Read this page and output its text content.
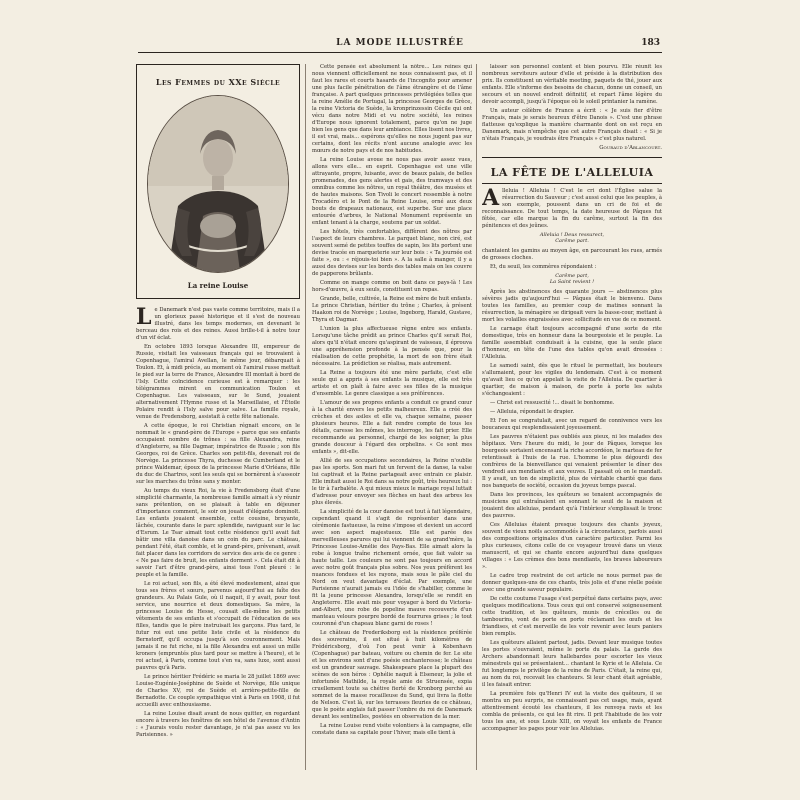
LA MODE ILLUSTRÉE	183
Les Femmes du XXe Siècle
La reine Louise

Le Danemark n'est pas vaste comme territoire, mais il a un glorieux passé historique et il s'est de nouveau illustré, dans les temps modernes, en devenant le berceau des rois et des reines. Aussi brille-t-il à notre tour d'un vif éclat.

En octobre 1893 lorsque Alexandre III, empereur de Russie, visitait les vaisseaux français qui se trouvaient à Copenhague, l'amiral Avellan, le même jour, débarquait à Toulon. Et, à midi précis, au moment où l'amiral russe mettait le pied sur la terre de France, Alexandre III montait à bord de l'Isly. Cette coïncidence curieuse est à remarquer : les télégrammes mirent en communication Toulon et Copenhague. Les vaisseaux, sur le Sund, jouaient alternativement l'Hymne russe et la Marseillaise, et l'Étoile Polaire rendit à l'Isly salve pour salve. La famille royale, venue de Fredensborg, assistait à cette fête nationale.

A cette époque, le roi Christian régnait encore, on le nommait le « grand-père de l'Europe » parce que ses enfants occupaient nombre de trônes : sa fille Alexandra, reine d'Angleterre, sa fille Dagmar, impératrice de Russie ; son fils Georges, roi de Grèce. Charles son petit-fils, devenait roi de Norvège. La princesse Thyra, duchesse de Cumberland et le prince Waldemar, époux de la princesse Marie d'Orléans, fille du duc de Chartres, sont les seuls qui se bornèrent à s'asseoir sur les marches du trône sans y monter.

Au temps du vieux Roi, la vie à Fredensborg était d'une simplicité charmante, la nombreuse famille aimait à s'y réunir sans prétention, on se plaisait à table en déjeuner d'importance comment, le soir on jouait d'élégants dominolt. Les enfants jouaient ensemble, cette cousine, bruyante, lâchée, courante dans le parc splendide, naviguant sur le lac d'Esrum. Le Tsar aimait tout cette résidence qu'il avait fait bâtir une villa danoise dans un coin du parc. Le château, pendant l'été, était comble, et le grand-père, prévenant, avait fait placer dans les corridors de service des avis de ce genre : « Ne pas faire de bruit, les enfants dorment ». Cela était dit à savoir l'art d'être grand-père, ainsi tous l'ont pleuré : le peuple et la famille.

Le roi actuel, son fils, a été élevé modestement, ainsi que tous ses frères et sœurs, parvenus aujourd'hui au faîte des grandeurs. Au Palais Gule, où il naquit, il y avait, pour tout service, une nourrice et deux domestiques. Sa mère, la princesse Louise de Hesse, cousait elle-même les petits vêtements de ses enfants et s'occupait de l'éducation de ses filles, tandis que le père instruisait les garçons. Plus tard, le futur roi eut une petite liste civile et la résidence du Bernstorff, qu'il occupa jusqu'à son couronnement. Mais jamais il ne fut riche, ni la fille Alexandra eut aussi un mille kroners (empruntés plus tard pour se mettre à l'heure), et le roi actuel, à Paris, comme tout s'en va, sans luxe, sont aussi pauvres qu'à Paris.

Le prince héritier Frédéric se maria le 28 juillet 1869 avec Louise-Eugénie-Joséphine de Suède et Norvège, fille unique de Charles XV, roi de Suède et arrière-petite-fille de Bernadotte. Ce couple sympathique vint à Paris en 1908, il fut accueilli avec enthousiasme.

La reine Louise disait avant de nous quitter, en regardant encore à travers les fenêtres de son hôtel de l'avenue d'Antin : « J'aurais voulu rester davantage, je n'ai pas assez vu les Parisiennes. »

Cette pensée est absolument la nôtre... Les reines qui nous viennent officiellement ne nous connaissent pas, et il faut les rares et courts hasards de l'incognito pour amener une plus facile pénétration de l'âme étrangère et de l'âme française. A part quelques princesses privilégiées telles que la reine Amélie de Portugal, la princesse Georges de Grèce, la reine Victoria de Suède, la kronprinzessin Cécile qui ont vécu dans notre Midi et vu notre société, les reines d'Europe nous ignorent totalement, parce qu'on ne juge bien les gens que dans leur ambiance. Elles lisent nos livres, il est vrai, mais... espérons qu'elles ne nous jugent pas sur certains, dont les récits n'ont aucune analogie avec les mœurs de notre pays et de nos habitudes.

La reine Louise avoue ne nous pas avoir assez vues, allons vers elle... en esprit. Copenhague est une ville attrayante, propre, luisante, avec de beaux palais, de belles promenades, des gens alertes et gais, des tramways et des omnibus comme les nôtres, un royal théâtre, des musées et de hautes maisons. Son Tivoli le concert ressemble à notre Trocadéro et le Pont de la Reine Louise, orné aux deux bouts de drapeaux nationaux, est superbe. Sur une place entourée d'arbres, le National Monument représente un enfant tenant à la charge, soutenu par un soldat.

Les hôtels, très confortables, diffèrent des nôtres par l'aspect de leurs chambres. Le parquet blanc, non ciré, est souvent semé de petites touffes de sapin, les lits portent une devise tracée en marqueterie sur leur bois : « Ta journée est faite », ou : « réjouis-toi bien ». A la salle à manger, il y a aussi des devises sur les bords des tables mais on les couvre de papperons brûlants.

Comme on mange comme on boit dans ce pays-là ! Les hors-d'œuvre, à eux seuls, constituent un repas.

Grande, belle, cultivée, la Reine est mère de huit enfants. Le prince Christian, héritier du trône ; Charles, à présent Haakon roi de Norvège ; Louise, Ingeborg, Harald, Gustave, Thyra et Dagmar.

L'union la plus affectueuse règne entre ses enfants. Lorsqu'une tâche prédit au prince Charles qu'il serait Roi, alors qu'il n'était encore qu'aspirant de vaisseau, il éprouva une appréhension profonde à la pensée que, pour la réalisation de cette prophétie, la mort de son frère était nécessaire. La prédiction se réalisa, mais autrement.

La Reine a toujours été une mère parfaite, c'est elle seule qui a appris à ses enfants la musique, elle est très artiste et on plaît à faire avec ses filles de la musique d'ensemble. Le genre classique a ses préférences.

L'amour de ses propres enfants a conduit ce grand cœur à la charité envers les petits malheureux. Elle a créé des crèches et des asiles et elle va, chaque semaine, passer plusieurs heures. Elle a fait rendre compte de tous les détails, caresse les mômes, les interroge, les fait prier. Elle recommande au personnel, chargé de les soigner, la plus grande douceur à l'égard des orphelins. « Ce sont mes enfants », dit-elle.

Allié de ses occupations secondaires, la Reine n'oublie pas les sports. Son mari fut un fervent de la danse, la valse lui captivait et la Reine partageait avec entrain ce plaisir. Elle imitait aussi le Roi dans sa notre goût, très heureux lui : le tir à l'arbalète. A qui mieux mieux le mariage royal luttait d'adresse pour envoyer ses flèches en haut des arbres les plus élevés.

La simplicité de la cour danoise est tout à fait légendaire, cependant quand il s'agit de représenter dans une cérémonie fastueuse, la reine s'impose et devient un accord avec son aspect majestueux. Elle est parée des merveilleuses parures qui lui viennent de sa grand'mère, la Princesse Louise-Amélie des Pays-Bas. Elle aimait alors la robe à longue traîne richement ornée, que fait valoir sa haute taille. Les couleurs ne sont pas toujours en accord avec notre goût français plus sobre. Nos yeux préfèrent les nuances fondues et les rayons, mais sous le pâle ciel du Nord on veut davantage d'éclat. Par exemple, une Parisienne n'aurait jamais eu l'idée de s'habiller, comme le fit la jeune princesse Alexandra, lorsqu'elle se rendit en Angleterre. Elle avait mis pour voyager à bord du Victoria-and-Albert, une robe de popeline mauve recouverte d'un manteau velours pourpre bordé de fourrures grises ; le tout couronné d'un chapeau blanc garni de roses !

Le château de Frederiksborg est la résidence préférée des souverains, il est situé à huit kilomètres de Frédéricsborg, d'où l'on peut venir à Kobenhavn (Copenhague) par bateau, voiture ou chemin de fer. Le site et les environs sont d'une poésie enchanteresse; le château est un grandeur sauvage. Shakespeare place la plupart des scènes de son héros : Ophélie naquit à Elseneur, la jolie et infortunée Mathilde, la royale amie de Struensée, expia cruellement toute sa chétive fierté de Kronborg perché au sommet de la masse rocailleuse du Sund, qui livra la flotte de Nelson. C'est là, sur les terrasses fleuries de ce château, que le poète anglais fait passer l'ombre du roi de Danemark devant les sentinelles, postées en observation de la mer.

La reine Louise rend visite volontiers à la campagne, elle constate dans sa capitale pour l'hiver, mais elle tient à

laisser son personnel content et bien pourvu. Elle réunit les nombreux serviteurs autour d'elle et préside à la distribution des prix. Ils constituent un véritable meeting, paquets de thé, jouer aux enfants. Elle s'informe des besoins de chacun, donne un conseil, un secours et un nouvel endroit définitif, et repart l'âme légère du devoir accompli, jusqu'à l'époque où le soleil printanier la ramène.

Un auteur célèbre de France a écrit : « Je suis fier d'être Français, mais je serais heureux d'être Danois ». C'est une phrase flatteuse qu'explique la manière charmante dont on est reçu en Danemark, mais n'empêche que cet autre Français disait : « Si je n'étais Français, je voudrais être Français » c'est plus naturel.

Gouraud d'Ablancourt.
LA FÊTE DE L'ALLELUIA

Alleluia ! Alleluia ! C'est le cri dont l'Église salue la résurrection du Sauveur ; c'est aussi celui que les peuples, à son exemple, poussent dans un cri de foi et de reconnaissance. De tout temps, la date heureuse de Pâques fut fêtée, car elle marque la fin du carême, surtout la fin des pénitences et des jeûnes.

Alleluia ! Deus ressurect,
Carême part.

chantaient les gamins au moyen âge, en parcourant les rues, armés de grosses cloches.

Et, du seuil, les commères répondaient :

Carême part,
La Saint revient !

Après les abstinences des quarante jours — abstinences plus sévères jadis qu'aujourd'hui — Pâques était le bienvenu. Dans toutes les familles, au premier coup de matines sonnant la résurrection, la ménagère se dirigeait vers la basse-cour, mettant à mort les volailles engraissées avec sollicitude en vue de ce moment.

Le carnage était toujours accompagné d'une sorte de rite domestique, très en honneur dans la bourgeoisie et le peuple. La famille assemblait conduisait à la cuisine, que la seule place d'honneur, en tête de l'une des tables qu'on avait dressées : l'Alleluia.

Le samedi saint, dès que le rituel le permettait, les bouteurs s'allumaient, pour les vigiles du lendemain. C'est à ce moment qu'avait lieu ce qu'on appelait la visite de l'Alleluia. De quartier à quartier, de maison à maison, de porte à porte les saluts s'échangeaient :

— Christ est ressuscité !... disait le bonhomme.

— Alleluia, répondait le drapier.

Et l'on se congratulait, avec un regard de connivence vers les boucaneux qui resplendissaient joyeusement.

Les pauvres n'étaient pas oubliés aux pieux, ni les malades des hôpitaux. Vers l'heure du midi, le jour de Pâques, lorsque les bourgeois sortaient encensant la riche accordéon, le marteau de fer retentissait à l'huis de la rue. L'homme le plus dégourdi des confrères de la bienveillance qui venaient présenter le dîner des vendredi aux mendiants et aux veuves. Il passait où on le mandait. Il y avait, un ton de simplicité, plus de véritable charité que dans nos banquets de société, occasion du joyeux temps pascal.

Dans les provinces, les quêteurs se tenaient accompagnés de musiciens qui entraînaient en sonnant le seuil de la maison et jouaient des alleluias, pendant qu'à l'intérieur s'emplissait le tronc des pauvres.

Ces Alleluias étaient presque toujours des chants joyeux, souvent de vieux noëls accommodés à la circonstance, parfois aussi des compositions originales d'un caractère particulier. Parmi les plus curieuses, citons celle de ce voyageur trouvé dans un vieux manuscrit, et qui se chante encore aujourd'hui dans quelques villages : « Les crèmes des bons mendiants, les braves laboureurs ».

Le cadre trop restreint de cet article ne nous permet pas de donner quelques-uns de ces chants, très jolis et d'une réelle poésie avec une grande saveur populaire.

De cette coutume l'usage s'est perpétué dans certains pays, avec quelques modifications. Tous ceux qui ont conservé soigneusement cette tradition, et les quêteurs, munis de crécelles ou de tambourins, vont de porte en porte réclamant les œufs et les friandises, et c'est merveille de les voir revenir avec leurs paniers bien remplis.

Les quêteurs allaient partout, jadis. Devant leur musique toutes les portes s'ouvraient, même le porte du palais. La garde des Archers abandonnait leurs hallebardes pour escorter les vieux ménestrels qui se présentaient... chantant le Kyrie et le Alleluia. Ce fut longtemps le privilège de la reine de Paris. C'était, la reine qui, au nom du roi, recevait les chanteurs. Si leur chant était agréable, il les faisait entrer.

La première fois qu'Henri IV eut la visite des quêteurs, il se montra un peu surpris, ne connaissant pas cet usage, mais, ayant attentivement écouté les chanteurs, il les renvoya ravis et les combla de présents, ce qui les fit rire. Il prit l'habitude de les voir tous les ans, et sous Louis XIII, on voyait les enfants de France accompagner les pages pour voir les Alleluias.
